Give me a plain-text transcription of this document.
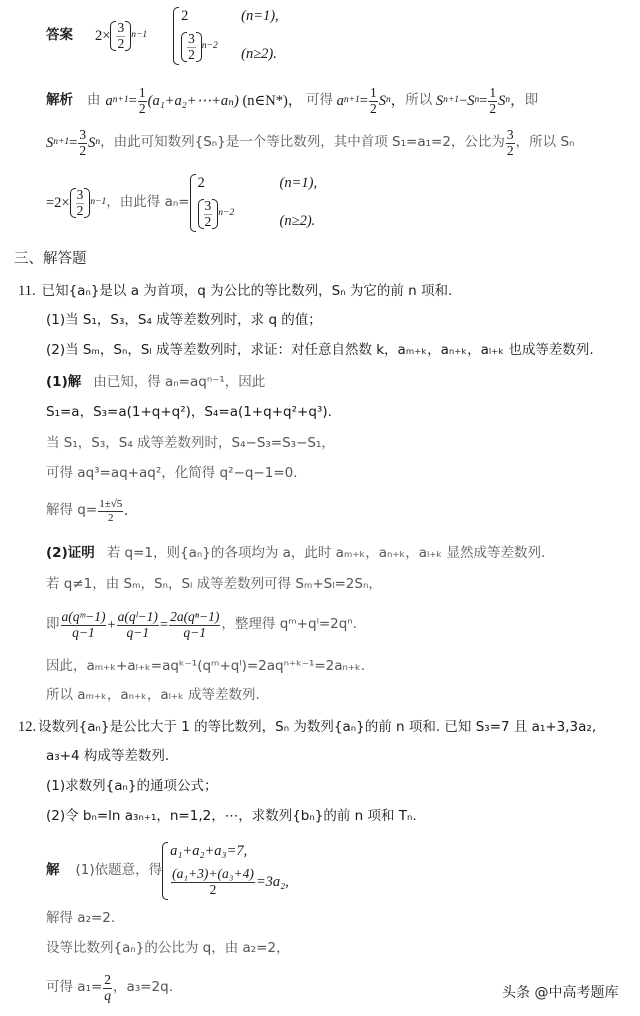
答案 $2\times \frac{3}{2} n-1$
2	(n=1),
$\frac{3}{2} n-2$ (n≥2).
解析 由 a $n+1 = \frac{1}{2}$ (a₁+a₂+⋯+aₙ)
(n∈N*)，
可得
a $n+1 = \frac{1}{2}$ S n ， 所以
S n+1 − S $n = \frac{1}{2}$ S n ， 即
S $n+1 = \frac{3}{2}$ S n ，由此可知数列{Sₙ}是一个等比数列，其中首项 S₁=a₁=2，公比为 $\frac{3}{2}$ ，所以 Sₙ
$=2\times \frac{3}{2} n-1$ ，由此得 aₙ=
2	(n=1),
$\frac{3}{2} n-2$	(n≥2).
三、解答题
11. 已知{aₙ}是以 a 为首项，q 为公比的等比数列，Sₙ 为它的前 n 项和.
(1)当 S₁，S₃，S₄ 成等差数列时，求 q 的值；
(2)当 Sₘ，Sₙ，Sₗ 成等差数列时，求证：对任意自然数 k，aₘ₊ₖ，aₙ₊ₖ，aₗ₊ₖ 也成等差数列.
(1)解 由已知，得 aₙ=aqⁿ⁻¹，因此
S₁=a，S₃=a(1+q+q²)，S₄=a(1+q+q²+q³).
当 S₁，S₃，S₄ 成等差数列时，S₄−S₃=S₃−S₁，
可得 aq³=aq+aq²，化简得 q²−q−1=0.
解得 $q= \frac{1\pm√5}{2}$ .
(2)证明 若 q=1，则{aₙ}的各项均为 a，此时 aₘ₊ₖ，aₙ₊ₖ，aₗ₊ₖ 显然成等差数列.
若 q≠1，由 Sₘ，Sₙ，Sₗ 成等差数列可得 Sₘ+Sₗ=2Sₙ，
即 $\frac{\text{a(qᵐ−1)}}{q-1} + \frac{\text{a(qˡ−1)}}{q-1} = \frac{\text{2a(qⁿ−1)}}{q-1}$ ，整理得 qᵐ+qˡ=2qⁿ.
因此，aₘ₊ₖ+aₗ₊ₖ=aqᵏ⁻¹(qᵐ+qˡ)=2aqⁿ⁺ᵏ⁻¹=2aₙ₊ₖ.
所以 aₘ₊ₖ，aₙ₊ₖ，aₗ₊ₖ 成等差数列.
12. 设数列{aₙ}是公比大于 1 的等比数列，Sₙ 为数列{aₙ}的前 n 项和. 已知 S₃=7 且 a₁+3,3a₂,
a₃+4 构成等差数列.
(1)求数列{aₙ}的通项公式；
(2)令 bₙ=ln a₃ₙ₊₁，n=1,2，⋯，求数列{bₙ}的前 n 项和 Tₙ.
解 (1)依题意，得
a₁+a₂+a₃=7,
$\frac{\text{(a₁+3)+(a₃+4)}}{2} =3a_2$,
解得 a₂=2.
设等比数列{aₙ}的公比为 q，由 a₂=2，
可得 $a_1= \frac{2}{q}$ ，a₃=2q.	头条 @中高考题库
